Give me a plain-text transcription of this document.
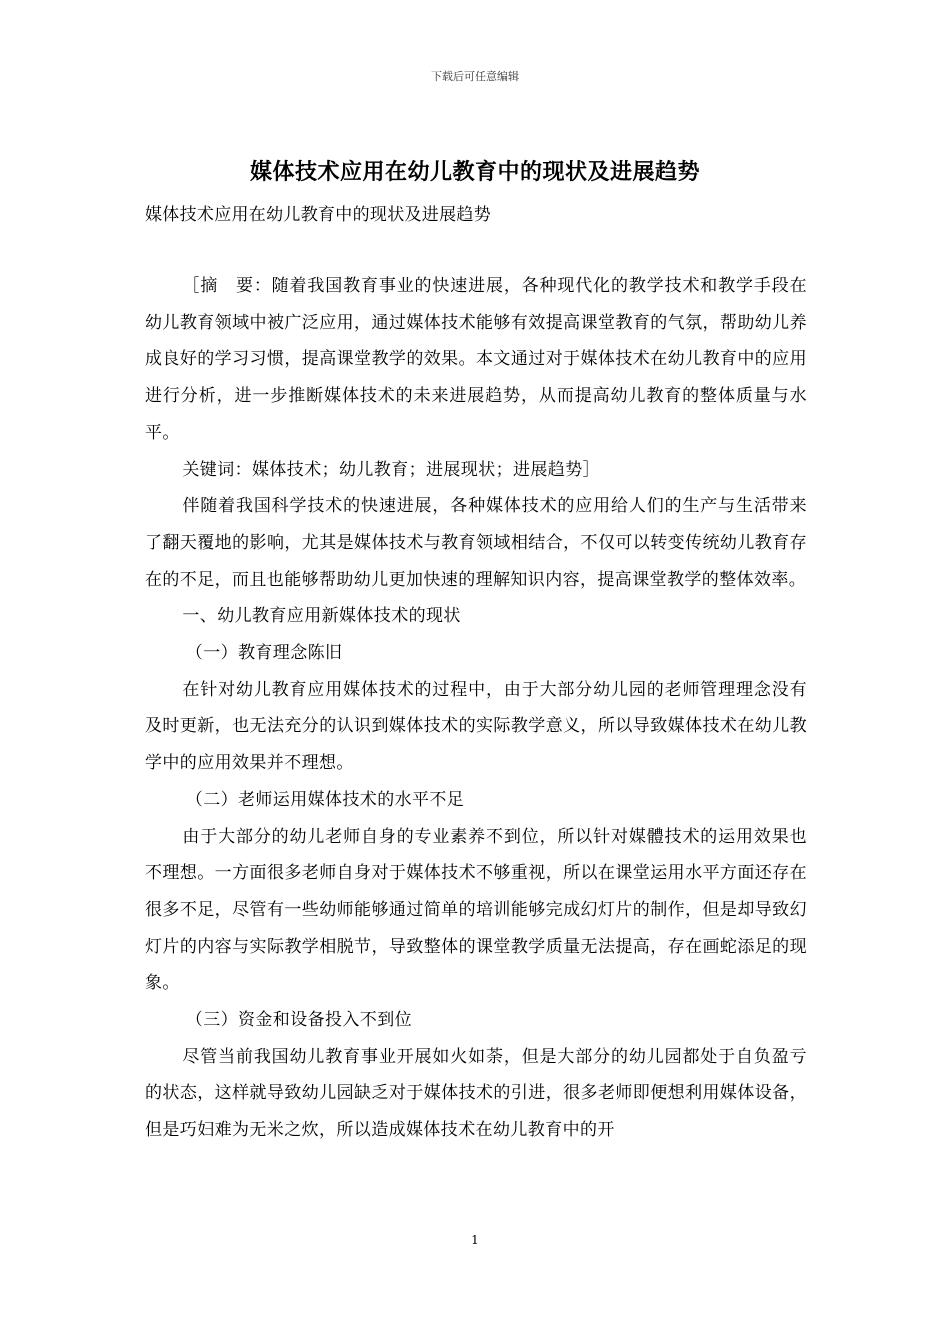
下载后可任意编辑
媒体技术应用在幼儿教育中的现状及进展趋势
媒体技术应用在幼儿教育中的现状及进展趋势

［摘　要：随着我国教育事业的快速进展，各种现代化的教学技术和教学手段在幼儿教育领域中被广泛应用，通过媒体技术能够有效提高课堂教育的气氛，帮助幼儿养成良好的学习习惯，提高课堂教学的效果。本文通过对于媒体技术在幼儿教育中的应用进行分析，进一步推断媒体技术的未来进展趋势，从而提高幼儿教育的整体质量与水平。

关键词：媒体技术；幼儿教育；进展现状；进展趋势］

伴随着我国科学技术的快速进展，各种媒体技术的应用给人们的生产与生活带来了翻天覆地的影响，尤其是媒体技术与教育领域相结合，不仅可以转变传统幼儿教育存在的不足，而且也能够帮助幼儿更加快速的理解知识内容，提高课堂教学的整体效率。

一、幼儿教育应用新媒体技术的现状

（一）教育理念陈旧

在针对幼儿教育应用媒体技术的过程中，由于大部分幼儿园的老师管理理念没有及时更新，也无法充分的认识到媒体技术的实际教学意义，所以导致媒体技术在幼儿教学中的应用效果并不理想。

（二）老师运用媒体技术的水平不足

由于大部分的幼儿老师自身的专业素养不到位，所以针对媒體技术的运用效果也不理想。一方面很多老师自身对于媒体技术不够重视，所以在课堂运用水平方面还存在很多不足，尽管有一些幼师能够通过简单的培训能够完成幻灯片的制作，但是却导致幻灯片的内容与实际教学相脱节，导致整体的课堂教学质量无法提高，存在画蛇添足的现象。

（三）资金和设备投入不到位

尽管当前我国幼儿教育事业开展如火如荼，但是大部分的幼儿园都处于自负盈亏的状态，这样就导致幼儿园缺乏对于媒体技术的引进，很多老师即便想利用媒体设备，但是巧妇难为无米之炊，所以造成媒体技术在幼儿教育中的开

1
